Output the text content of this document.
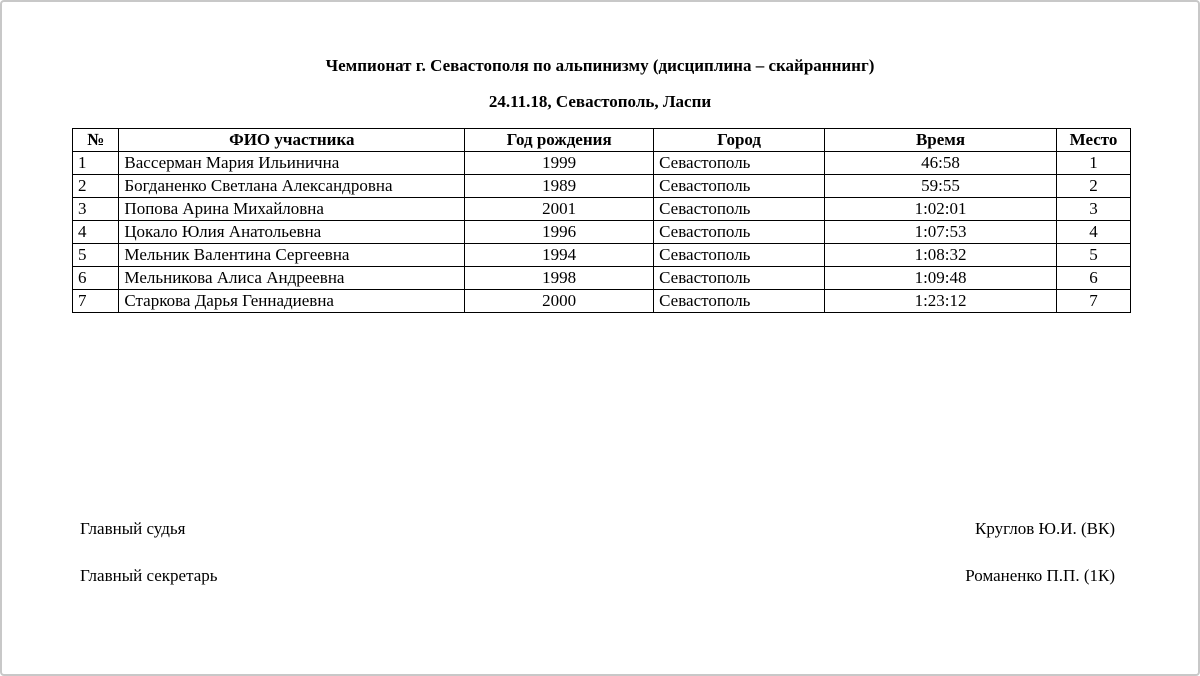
Чемпионат г. Севастополя по альпинизму (дисциплина – скайраннинг)
24.11.18, Севастополь, Ласпи
№	ФИО участника	Год рождения	Город	Время	Место
1	Вассерман Мария Ильинична	1999	Севастополь	46:58	1
2	Богданенко Светлана Александровна	1989	Севастополь	59:55	2
3	Попова Арина Михайловна	2001	Севастополь	1:02:01	3
4	Цокало Юлия Анатольевна	1996	Севастополь	1:07:53	4
5	Мельник Валентина Сергеевна	1994	Севастополь	1:08:32	5
6	Мельникова Алиса Андреевна	1998	Севастополь	1:09:48	6
7	Старкова Дарья Геннадиевна	2000	Севастополь	1:23:12	7
Главный судья	Круглов Ю.И. (ВК)
Главный секретарь	Романенко П.П. (1К)
